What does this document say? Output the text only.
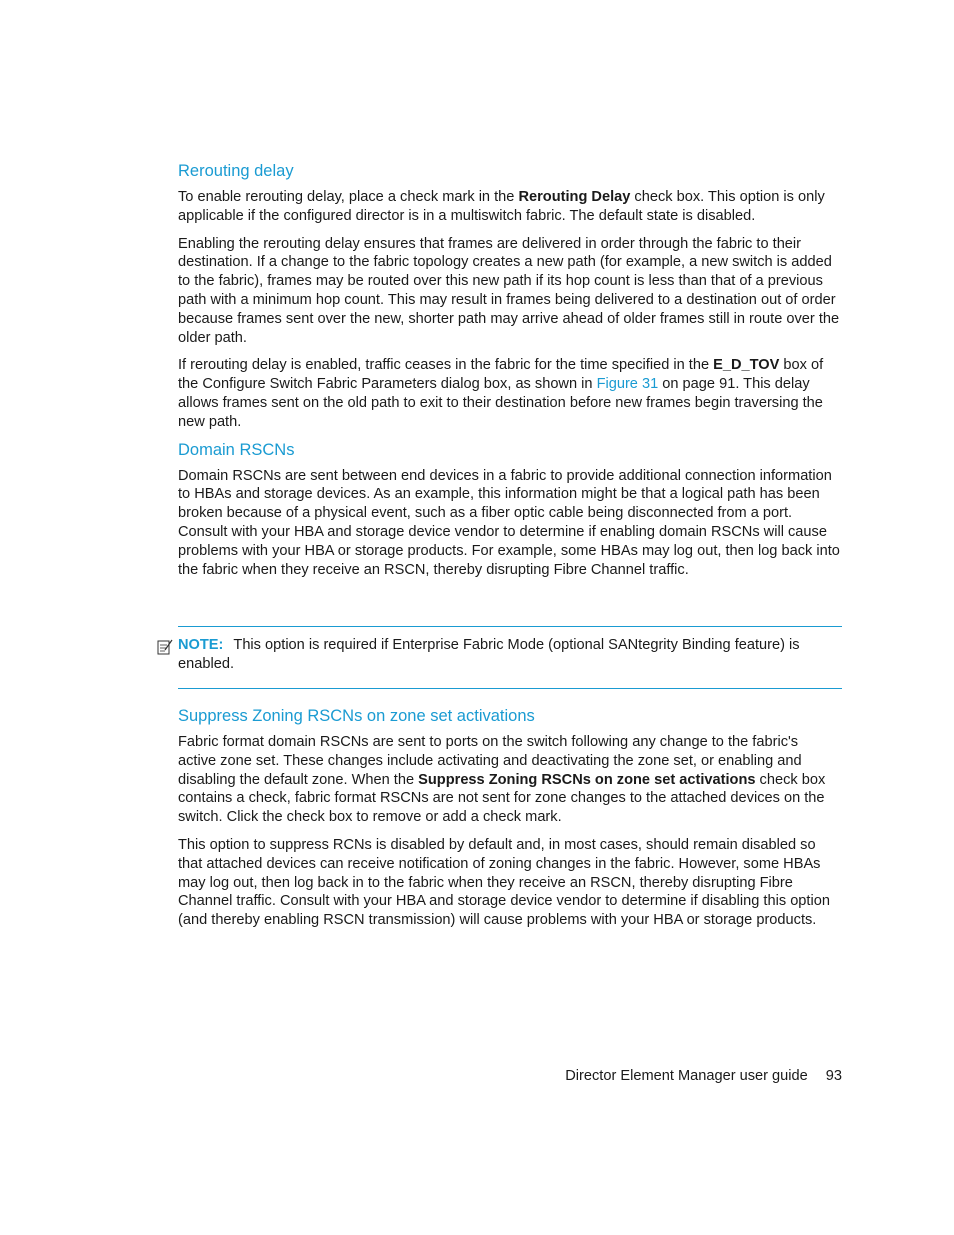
Rerouting delay

To enable rerouting delay, place a check mark in the Rerouting Delay check box. This option is only applicable if the configured director is in a multiswitch fabric. The default state is disabled.

Enabling the rerouting delay ensures that frames are delivered in order through the fabric to their destination. If a change to the fabric topology creates a new path (for example, a new switch is added to the fabric), frames may be routed over this new path if its hop count is less than that of a previous path with a minimum hop count. This may result in frames being delivered to a destination out of order because frames sent over the new, shorter path may arrive ahead of older frames still in route over the older path.

If rerouting delay is enabled, traffic ceases in the fabric for the time specified in the E_D_TOV box of the Configure Switch Fabric Parameters dialog box, as shown in Figure 31 on page 91. This delay allows frames sent on the old path to exit to their destination before new frames begin traversing the new path.

Domain RSCNs

Domain RSCNs are sent between end devices in a fabric to provide additional connection information to HBAs and storage devices. As an example, this information might be that a logical path has been broken because of a physical event, such as a fiber optic cable being disconnected from a port. Consult with your HBA and storage device vendor to determine if enabling domain RSCNs will cause problems with your HBA or storage products. For example, some HBAs may log out, then log back into the fabric when they receive an RSCN, thereby disrupting Fibre Channel traffic.

NOTE: This option is required if Enterprise Fabric Mode (optional SANtegrity Binding feature) is enabled.
Suppress Zoning RSCNs on zone set activations

Fabric format domain RSCNs are sent to ports on the switch following any change to the fabric's active zone set. These changes include activating and deactivating the zone set, or enabling and disabling the default zone. When the Suppress Zoning RSCNs on zone set activations check box contains a check, fabric format RSCNs are not sent for zone changes to the attached devices on the switch. Click the check box to remove or add a check mark.

This option to suppress RCNs is disabled by default and, in most cases, should remain disabled so that attached devices can receive notification of zoning changes in the fabric. However, some HBAs may log out, then log back in to the fabric when they receive an RSCN, thereby disrupting Fibre Channel traffic. Consult with your HBA and storage device vendor to determine if disabling this option (and thereby enabling RSCN transmission) will cause problems with your HBA or storage products.

Director Element Manager user guide 93
